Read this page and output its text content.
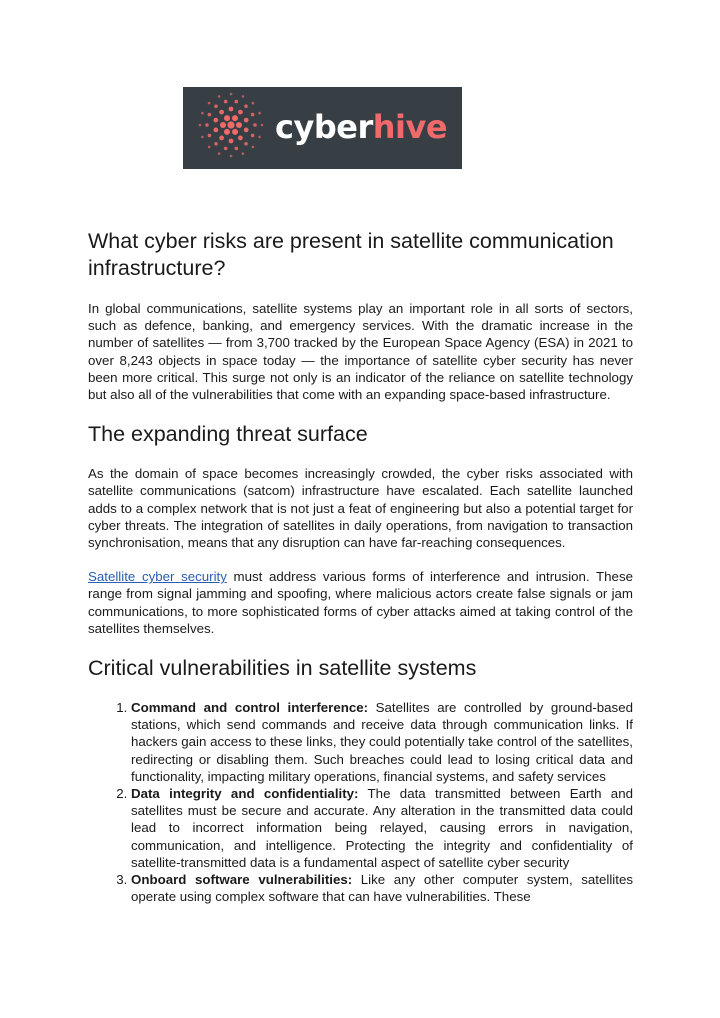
cyberhive
What cyber risks are present in satellite communication infrastructure?

In global communications, satellite systems play an important role in all sorts of sectors, such as defence, banking, and emergency services. With the dramatic increase in the number of satellites — from 3,700 tracked by the European Space Agency (ESA) in 2021 to over 8,243 objects in space today — the importance of satellite cyber security has never been more critical. This surge not only is an indicator of the reliance on satellite technology but also all of the vulnerabilities that come with an expanding space-based infrastructure.

The expanding threat surface

As the domain of space becomes increasingly crowded, the cyber risks associated with satellite communications (satcom) infrastructure have escalated. Each satellite launched adds to a complex network that is not just a feat of engineering but also a potential target for cyber threats. The integration of satellites in daily operations, from navigation to transaction synchronisation, means that any disruption can have far-reaching consequences.

Satellite cyber security must address various forms of interference and intrusion. These range from signal jamming and spoofing, where malicious actors create false signals or jam communications, to more sophisticated forms of cyber attacks aimed at taking control of the satellites themselves.

Critical vulnerabilities in satellite systems
1. Command and control interference: Satellites are controlled by ground-based stations, which send commands and receive data through communication links. If hackers gain access to these links, they could potentially take control of the satellites, redirecting or disabling them. Such breaches could lead to losing critical data and functionality, impacting military operations, financial systems, and safety services
2. Data integrity and confidentiality: The data transmitted between Earth and satellites must be secure and accurate. Any alteration in the transmitted data could lead to incorrect information being relayed, causing errors in navigation, communication, and intelligence. Protecting the integrity and confidentiality of satellite-transmitted data is a fundamental aspect of satellite cyber security
3. Onboard software vulnerabilities: Like any other computer system, satellites operate using complex software that can have vulnerabilities. These
